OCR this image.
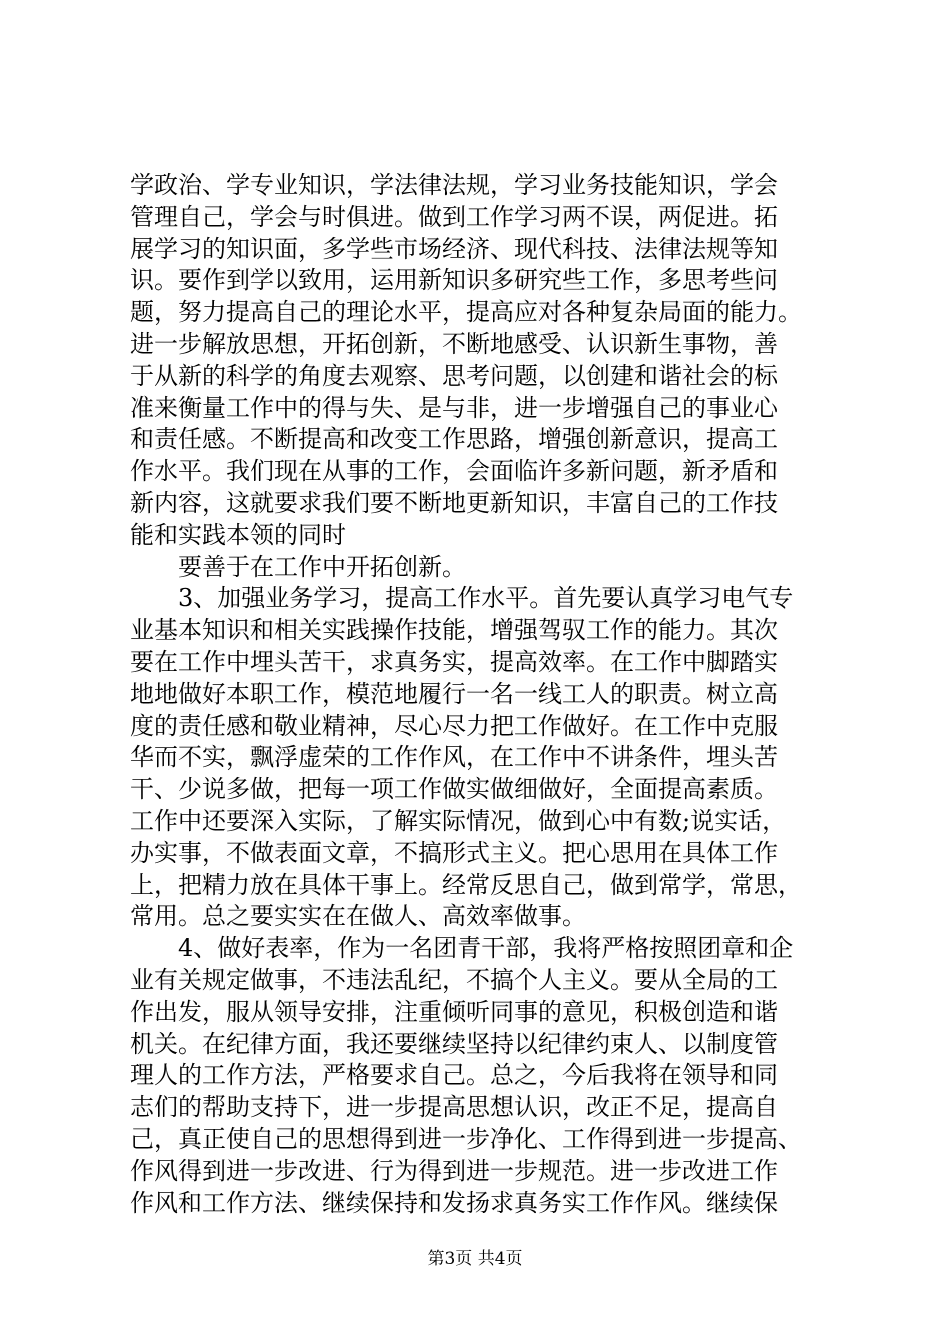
学政治、学专业知识，学法律法规，学习业务技能知识，学会
管理自己，学会与时俱进。做到工作学习两不误，两促进。拓
展学习的知识面，多学些市场经济、现代科技、法律法规等知
识。要作到学以致用，运用新知识多研究些工作，多思考些问
题，努力提高自己的理论水平，提高应对各种复杂局面的能力。
进一步解放思想，开拓创新，不断地感受、认识新生事物，善
于从新的科学的角度去观察、思考问题，以创建和谐社会的标
准来衡量工作中的得与失、是与非，进一步增强自己的事业心
和责任感。不断提高和改变工作思路，增强创新意识，提高工
作水平。我们现在从事的工作，会面临许多新问题，新矛盾和
新内容，这就要求我们要不断地更新知识，丰富自己的工作技
能和实践本领的同时
要善于在工作中开拓创新。
3、加强业务学习，提高工作水平。首先要认真学习电气专
业基本知识和相关实践操作技能，增强驾驭工作的能力。其次
要在工作中埋头苦干，求真务实，提高效率。在工作中脚踏实
地地做好本职工作，模范地履行一名一线工人的职责。树立高
度的责任感和敬业精神，尽心尽力把工作做好。在工作中克服
华而不实，飘浮虚荣的工作作风，在工作中不讲条件，埋头苦
干、少说多做，把每一项工作做实做细做好，全面提高素质。
工作中还要深入实际，了解实际情况，做到心中有数;说实话，
办实事，不做表面文章，不搞形式主义。把心思用在具体工作
上，把精力放在具体干事上。经常反思自己，做到常学，常思，
常用。总之要实实在在做人、高效率做事。
4、做好表率，作为一名团青干部，我将严格按照团章和企
业有关规定做事，不违法乱纪，不搞个人主义。要从全局的工
作出发，服从领导安排，注重倾听同事的意见，积极创造和谐
机关。在纪律方面，我还要继续坚持以纪律约束人、以制度管
理人的工作方法，严格要求自己。总之，今后我将在领导和同
志们的帮助支持下，进一步提高思想认识，改正不足，提高自
己，真正使自己的思想得到进一步净化、工作得到进一步提高、
作风得到进一步改进、行为得到进一步规范。进一步改进工作
作风和工作方法、继续保持和发扬求真务实工作作风。继续保
第3页 共4页
